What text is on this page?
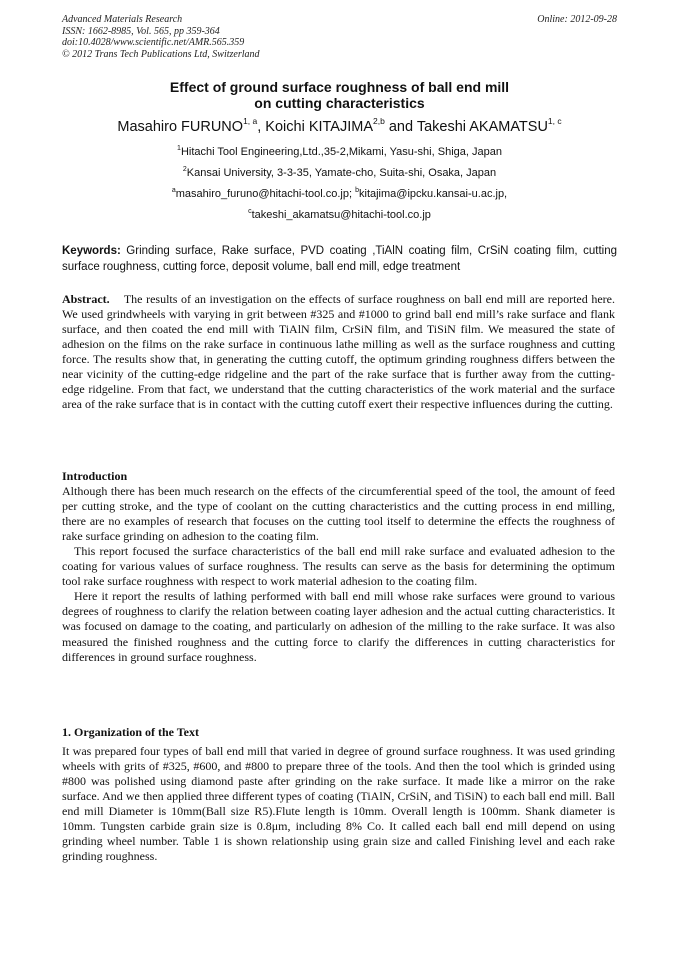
Advanced Materials Research
ISSN: 1662-8985, Vol. 565, pp 359-364
doi:10.4028/www.scientific.net/AMR.565.359
© 2012 Trans Tech Publications Ltd, Switzerland
Online: 2012-09-28
Effect of ground surface roughness of ball end mill
on cutting characteristics
Masahiro FURUNO$^{1, a}$, Koichi KITAJIMA$^{2,b}$ and Takeshi AKAMATSU$^{1, c}$
$^1$Hitachi Tool Engineering,Ltd.,35-2,Mikami, Yasu-shi, Shiga, Japan
$^2$Kansai University, 3-3-35, Yamate-cho, Suita-shi, Osaka, Japan
$^a$masahiro_furuno@hitachi-tool.co.jp; $^b$kitajima@ipcku.kansai-u.ac.jp,
$^c$takeshi_akamatsu@hitachi-tool.co.jp
Keywords: Grinding surface, Rake surface, PVD coating ,TiAlN coating film, CrSiN coating film, cutting surface roughness, cutting force, deposit volume, ball end mill, edge treatment

Abstract.    The results of an investigation on the effects of surface roughness on ball end mill are reported here. We used grindwheels with varying in grit between #325 and #1000 to grind ball end mill’s rake surface and flank surface, and then coated the end mill with TiAlN film, CrSiN film, and TiSiN film. We measured the state of adhesion on the films on the rake surface in continuous lathe milling as well as the surface roughness and cutting force. The results show that, in generating the cutting cutoff, the optimum grinding roughness differs between the near vicinity of the cutting-edge ridgeline and the part of the rake surface that is further away from the cutting-edge ridgeline. From that fact, we understand that the cutting characteristics of the work material and the surface area of the rake surface that is in contact with the cutting cutoff exert their respective influences during the cutting.

Introduction

Although there has been much research on the effects of the circumferential speed of the tool, the amount of feed per cutting stroke, and the type of coolant on the cutting characteristics and the cutting process in end milling, there are no examples of research that focuses on the cutting tool itself to determine the effects the roughness of rake surface grinding on adhesion to the coating film.

This report focused the surface characteristics of the ball end mill rake surface and evaluated adhesion to the coating for various values of surface roughness. The results can serve as the basis for determining the optimum tool rake surface roughness with respect to work material adhesion to the coating film.

Here it report the results of lathing performed with ball end mill whose rake surfaces were ground to various degrees of roughness to clarify the relation between coating layer adhesion and the actual cutting characteristics. It was focused on damage to the coating, and particularly on adhesion of the milling to the rake surface. It was also measured the finished roughness and the cutting force to clarify the differences in cutting characteristics for differences in ground surface roughness.

1. Organization of the Text

It was prepared four types of ball end mill that varied in degree of ground surface roughness. It was used grinding wheels with grits of #325, #600, and #800 to prepare three of the tools. And then the tool which is grinded using #800 was polished using diamond paste after grinding on the rake surface. It made like a mirror on the rake surface. And we then applied three different types of coating (TiAlN, CrSiN, and TiSiN) to each ball end mill. Ball end mill Diameter is 10mm(Ball size R5).Flute length is 10mm. Overall length is 100mm. Shank diameter is 10mm. Tungsten carbide grain size is 0.8μm, including 8% Co. It called each ball end mill depend on using grinding wheel number. Table 1 is shown relationship using grain size and called Finishing level and each rake grinding roughness.
